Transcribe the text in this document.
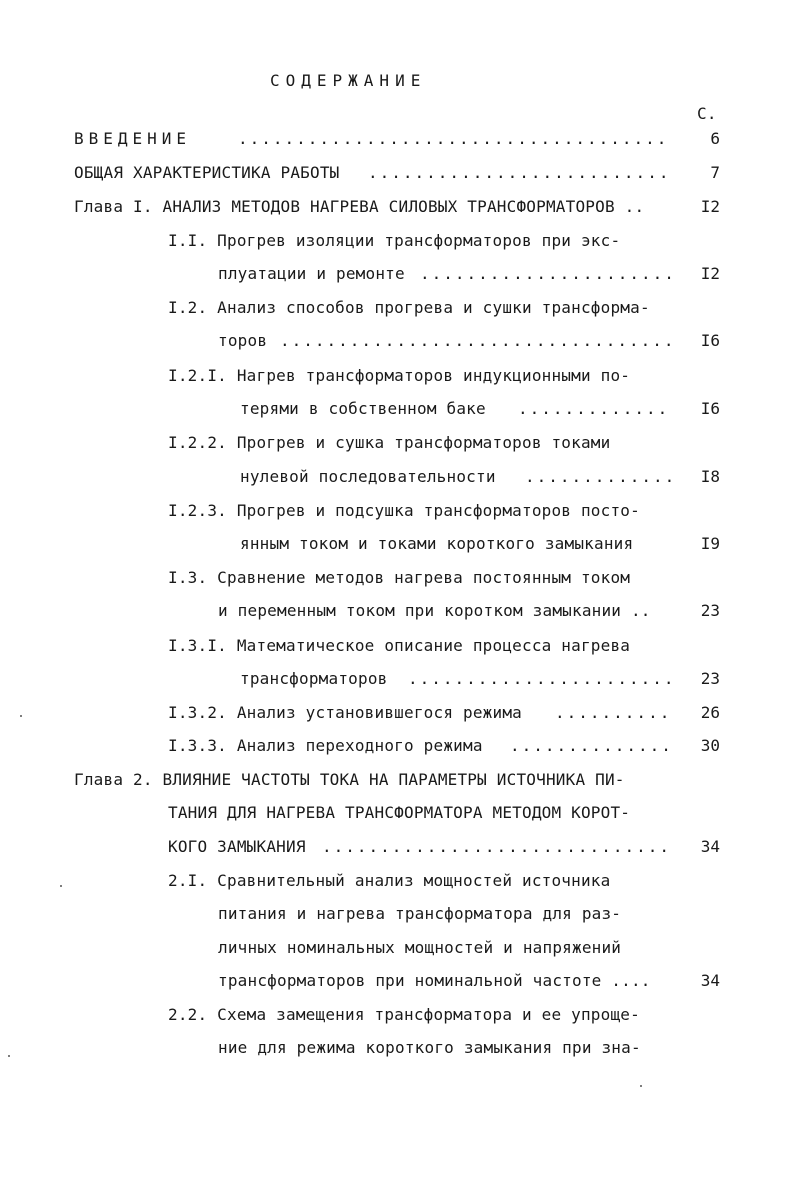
СОДЕРЖАНИЕ
С.
ВВЕДЕНИЕ	.....................................	6
ОБЩАЯ ХАРАКТЕРИСТИКА РАБОТЫ ..........................	7
Глава I. АНАЛИЗ МЕТОДОВ НАГРЕВА СИЛОВЫХ ТРАНСФОРМАТОРОВ ..	I2
I.I. Прогрев изоляции трансформаторов при экс-
плуатации и ремонте ......................	I2
I.2. Анализ способов прогрева и сушки трансформа-
торов ..................................	I6
I.2.I. Нагрев трансформаторов индукционными по-
терями в собственном баке .............	I6
I.2.2. Прогрев и сушка трансформаторов токами
нулевой последовательности .............	I8
I.2.3. Прогрев и подсушка трансформаторов посто-
янным током и токами короткого замыкания	I9
I.3. Сравнение методов нагрева постоянным током
и переменным током при коротком замыкании ..	23
I.3.I. Математическое описание процесса нагрева
трансформаторов .......................	23
I.3.2. Анализ установившегося режима ..........	26
I.3.3. Анализ переходного режима ..............	30
Глава 2. ВЛИЯНИЕ ЧАСТОТЫ ТОКА НА ПАРАМЕТРЫ ИСТОЧНИКА ПИ-
ТАНИЯ ДЛЯ НАГРЕВА ТРАНСФОРМАТОРА МЕТОДОМ КОРОТ-
КОГО ЗАМЫКАНИЯ ..............................	34
2.I. Сравнительный анализ мощностей источника
питания и нагрева трансформатора для раз-
личных номинальных мощностей и напряжений
трансформаторов при номинальной частоте ....	34
2.2. Схема замещения трансформатора и ее упроще-
ние для режима короткого замыкания при зна-
